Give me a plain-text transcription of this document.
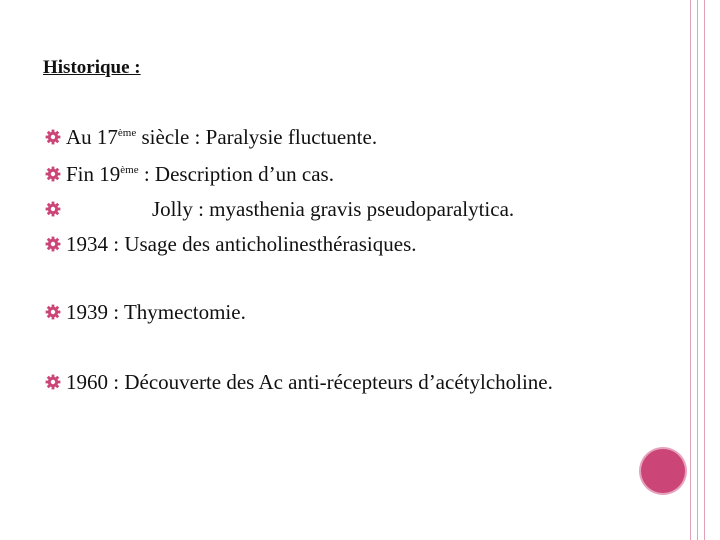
Historique :
Au 17ème siècle : Paralysie fluctuente.
Fin 19ème : Description d’un cas.
Jolly : myasthenia gravis pseudoparalytica.
1934 : Usage des anticholinesthérasiques.
1939 : Thymectomie.
1960 : Découverte des Ac anti-récepteurs d’acétylcholine.
